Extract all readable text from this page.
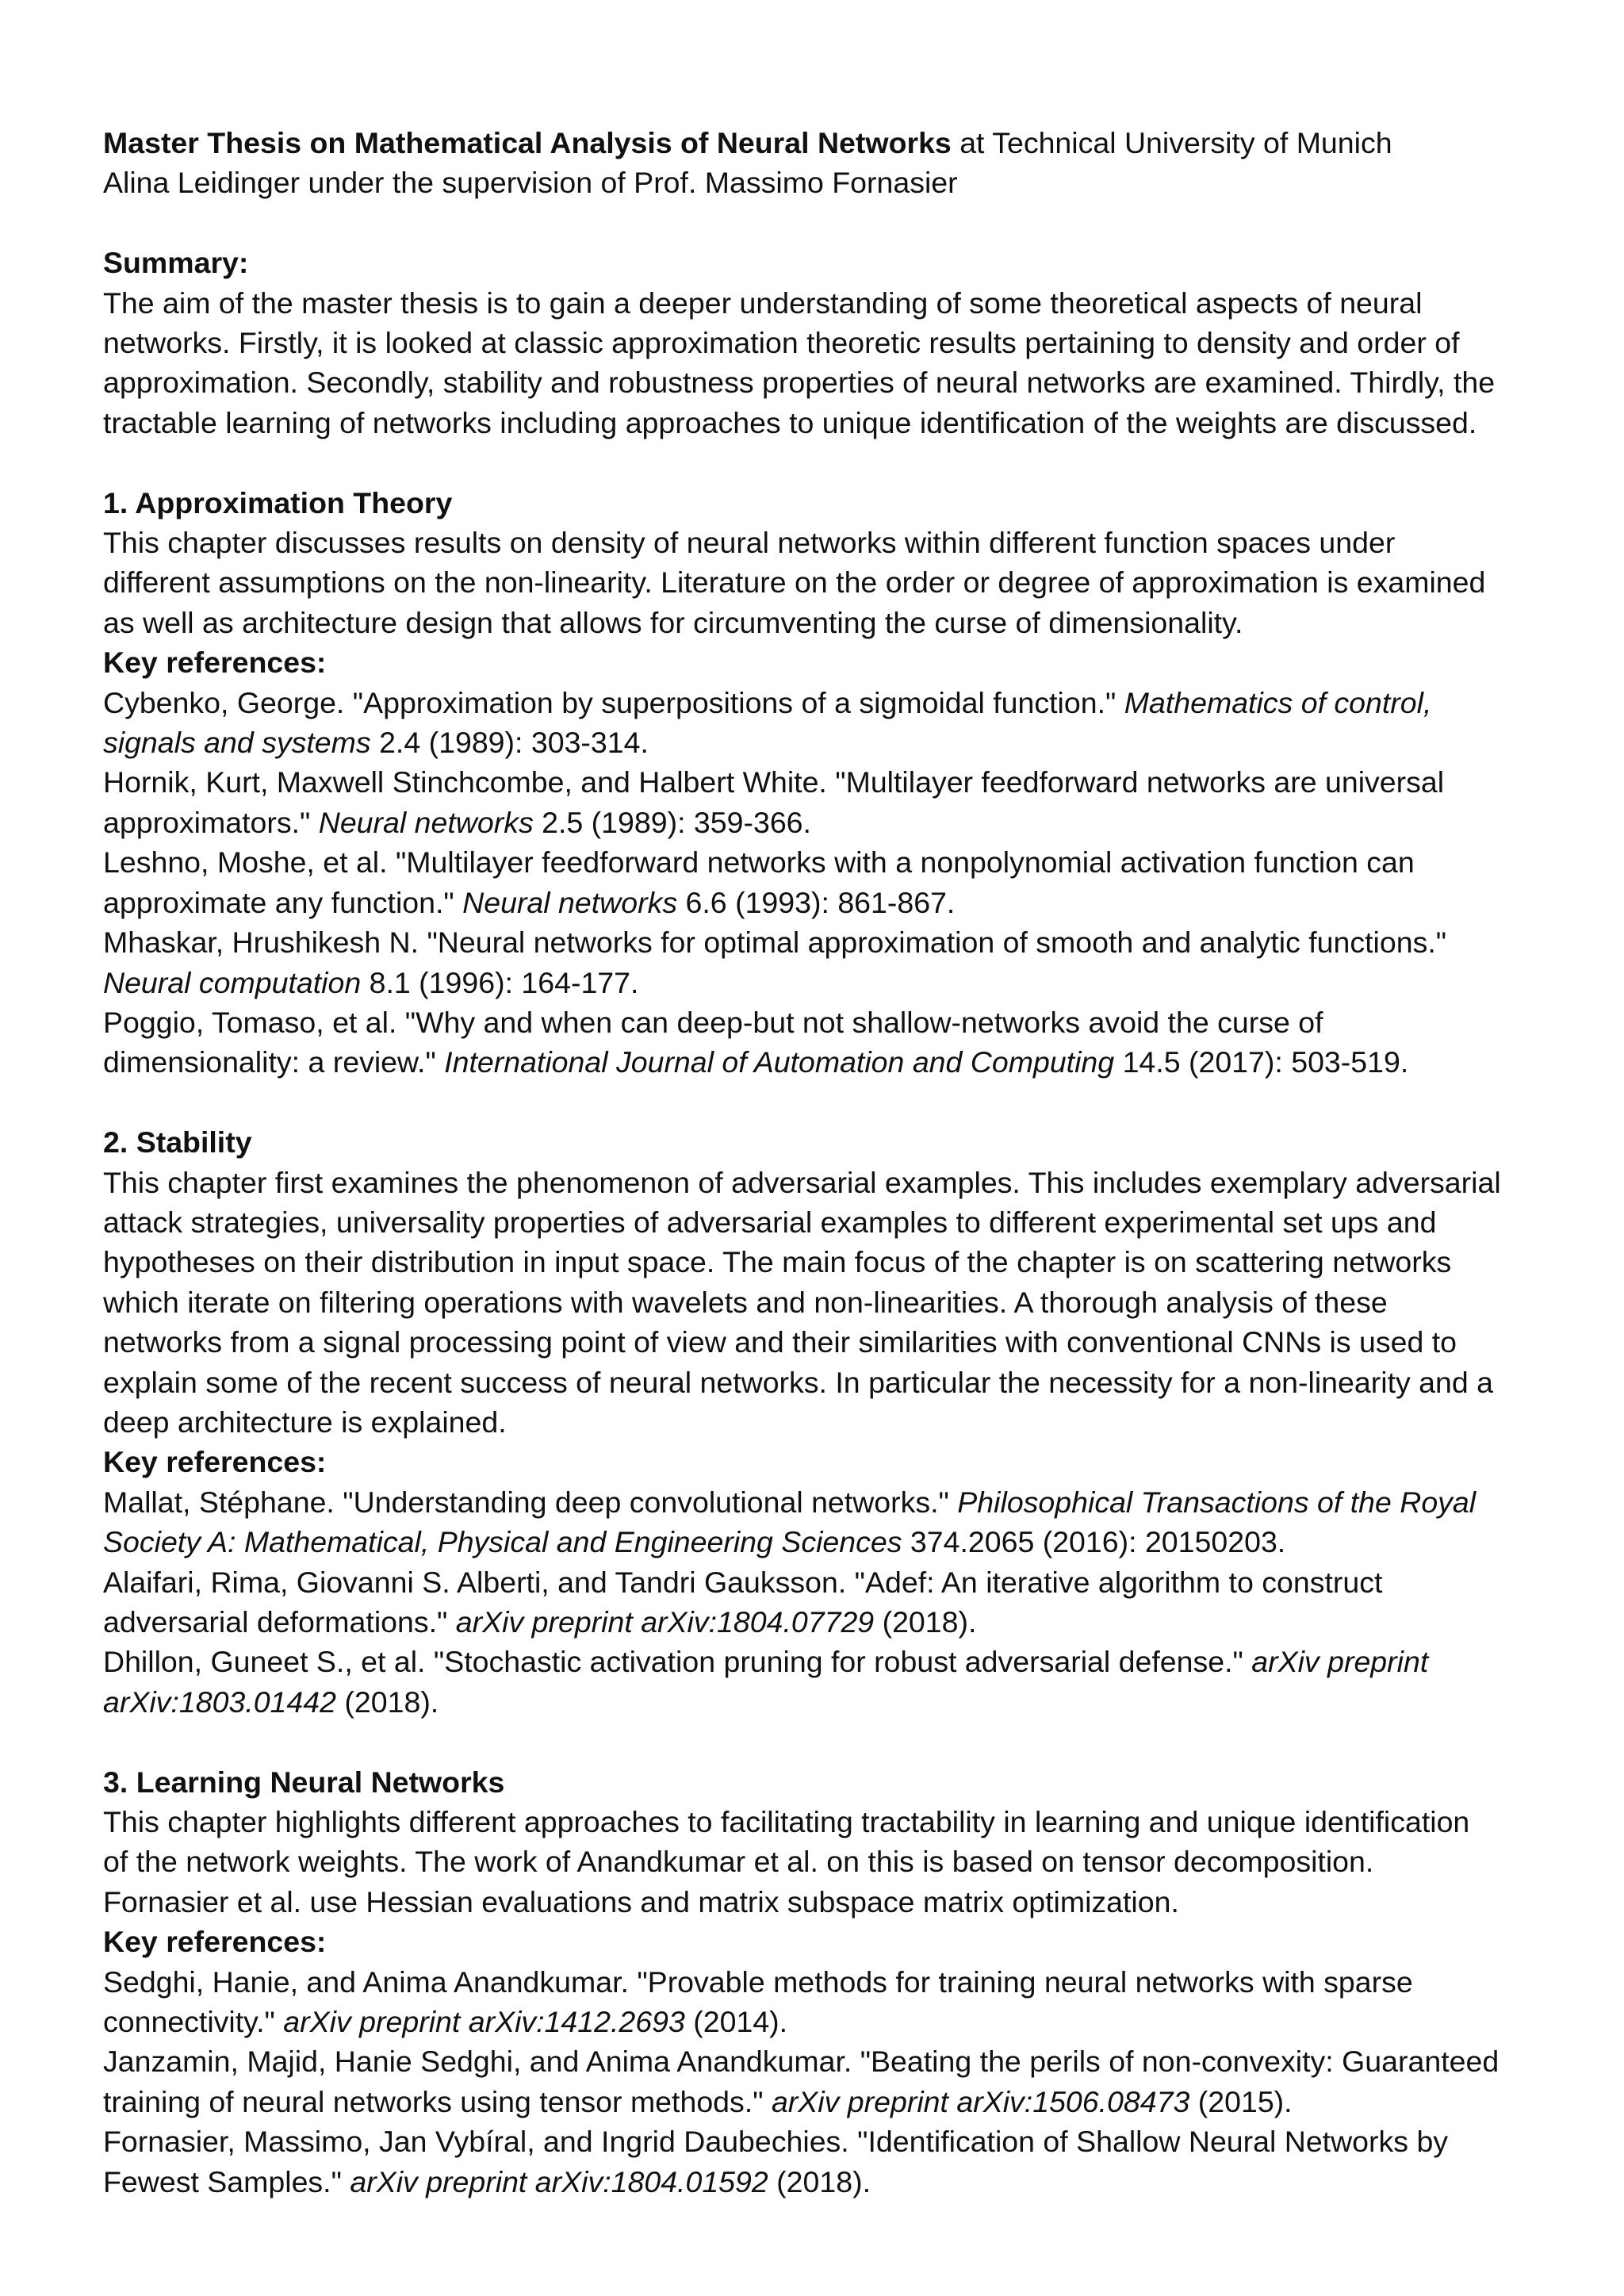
Master Thesis on Mathematical Analysis of Neural Networks at Technical University of Munich
Alina Leidinger under the supervision of Prof. Massimo Fornasier
Summary:
The aim of the master thesis is to gain a deeper understanding of some theoretical aspects of neural
networks. Firstly, it is looked at classic approximation theoretic results pertaining to density and order of
approximation. Secondly, stability and robustness properties of neural networks are examined. Thirdly, the
tractable learning of networks including approaches to unique identification of the weights are discussed.
1. Approximation Theory
This chapter discusses results on density of neural networks within different function spaces under
different assumptions on the non-linearity. Literature on the order or degree of approximation is examined
as well as architecture design that allows for circumventing the curse of dimensionality.
Key references:
Cybenko, George. "Approximation by superpositions of a sigmoidal function." Mathematics of control,
signals and systems 2.4 (1989): 303-314.
Hornik, Kurt, Maxwell Stinchcombe, and Halbert White. "Multilayer feedforward networks are universal
approximators." Neural networks 2.5 (1989): 359-366.
Leshno, Moshe, et al. "Multilayer feedforward networks with a nonpolynomial activation function can
approximate any function." Neural networks 6.6 (1993): 861-867.
Mhaskar, Hrushikesh N. "Neural networks for optimal approximation of smooth and analytic functions."
Neural computation 8.1 (1996): 164-177.
Poggio, Tomaso, et al. "Why and when can deep-but not shallow-networks avoid the curse of
dimensionality: a review." International Journal of Automation and Computing 14.5 (2017): 503-519.
2. Stability
This chapter first examines the phenomenon of adversarial examples. This includes exemplary adversarial
attack strategies, universality properties of adversarial examples to different experimental set ups and
hypotheses on their distribution in input space. The main focus of the chapter is on scattering networks
which iterate on filtering operations with wavelets and non-linearities. A thorough analysis of these
networks from a signal processing point of view and their similarities with conventional CNNs is used to
explain some of the recent success of neural networks. In particular the necessity for a non-linearity and a
deep architecture is explained.
Key references:
Mallat, Stéphane. "Understanding deep convolutional networks." Philosophical Transactions of the Royal
Society A: Mathematical, Physical and Engineering Sciences 374.2065 (2016): 20150203.
Alaifari, Rima, Giovanni S. Alberti, and Tandri Gauksson. "Adef: An iterative algorithm to construct
adversarial deformations." arXiv preprint arXiv:1804.07729 (2018).
Dhillon, Guneet S., et al. "Stochastic activation pruning for robust adversarial defense." arXiv preprint
arXiv:1803.01442 (2018).
3. Learning Neural Networks
This chapter highlights different approaches to facilitating tractability in learning and unique identification
of the network weights. The work of Anandkumar et al. on this is based on tensor decomposition.
Fornasier et al. use Hessian evaluations and matrix subspace matrix optimization.
Key references:
Sedghi, Hanie, and Anima Anandkumar. "Provable methods for training neural networks with sparse
connectivity." arXiv preprint arXiv:1412.2693 (2014).
Janzamin, Majid, Hanie Sedghi, and Anima Anandkumar. "Beating the perils of non-convexity: Guaranteed
training of neural networks using tensor methods." arXiv preprint arXiv:1506.08473 (2015).
Fornasier, Massimo, Jan Vybíral, and Ingrid Daubechies. "Identification of Shallow Neural Networks by
Fewest Samples." arXiv preprint arXiv:1804.01592 (2018).
